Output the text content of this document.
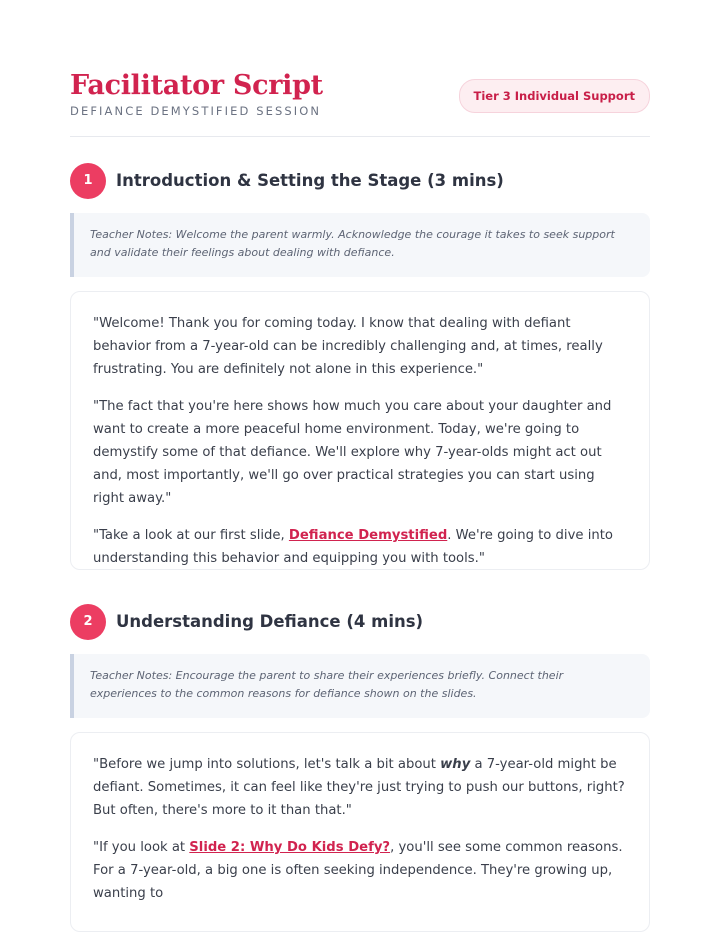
Facilitator Script
DEFIANCE DEMYSTIFIED SESSION
Tier 3 Individual Support
1	Introduction & Setting the Stage (3 mins)
Teacher Notes: Welcome the parent warmly. Acknowledge the courage it takes to seek support and validate their feelings about dealing with defiance.

"Welcome! Thank you for coming today. I know that dealing with defiant behavior from a 7-year-old can be incredibly challenging and, at times, really frustrating. You are definitely not alone in this experience."

"The fact that you're here shows how much you care about your daughter and want to create a more peaceful home environment. Today, we're going to demystify some of that defiance. We'll explore why 7-year-olds might act out and, most importantly, we'll go over practical strategies you can start using right away."

"Take a look at our first slide, Defiance Demystified. We're going to dive into understanding this behavior and equipping you with tools."

2	Understanding Defiance (4 mins)
Teacher Notes: Encourage the parent to share their experiences briefly. Connect their experiences to the common reasons for defiance shown on the slides.

"Before we jump into solutions, let's talk a bit about why a 7-year-old might be defiant. Sometimes, it can feel like they're just trying to push our buttons, right? But often, there's more to it than that."

"If you look at Slide 2: Why Do Kids Defy?, you'll see some common reasons. For a 7-year-old, a big one is often seeking independence. They're growing up, wanting to
